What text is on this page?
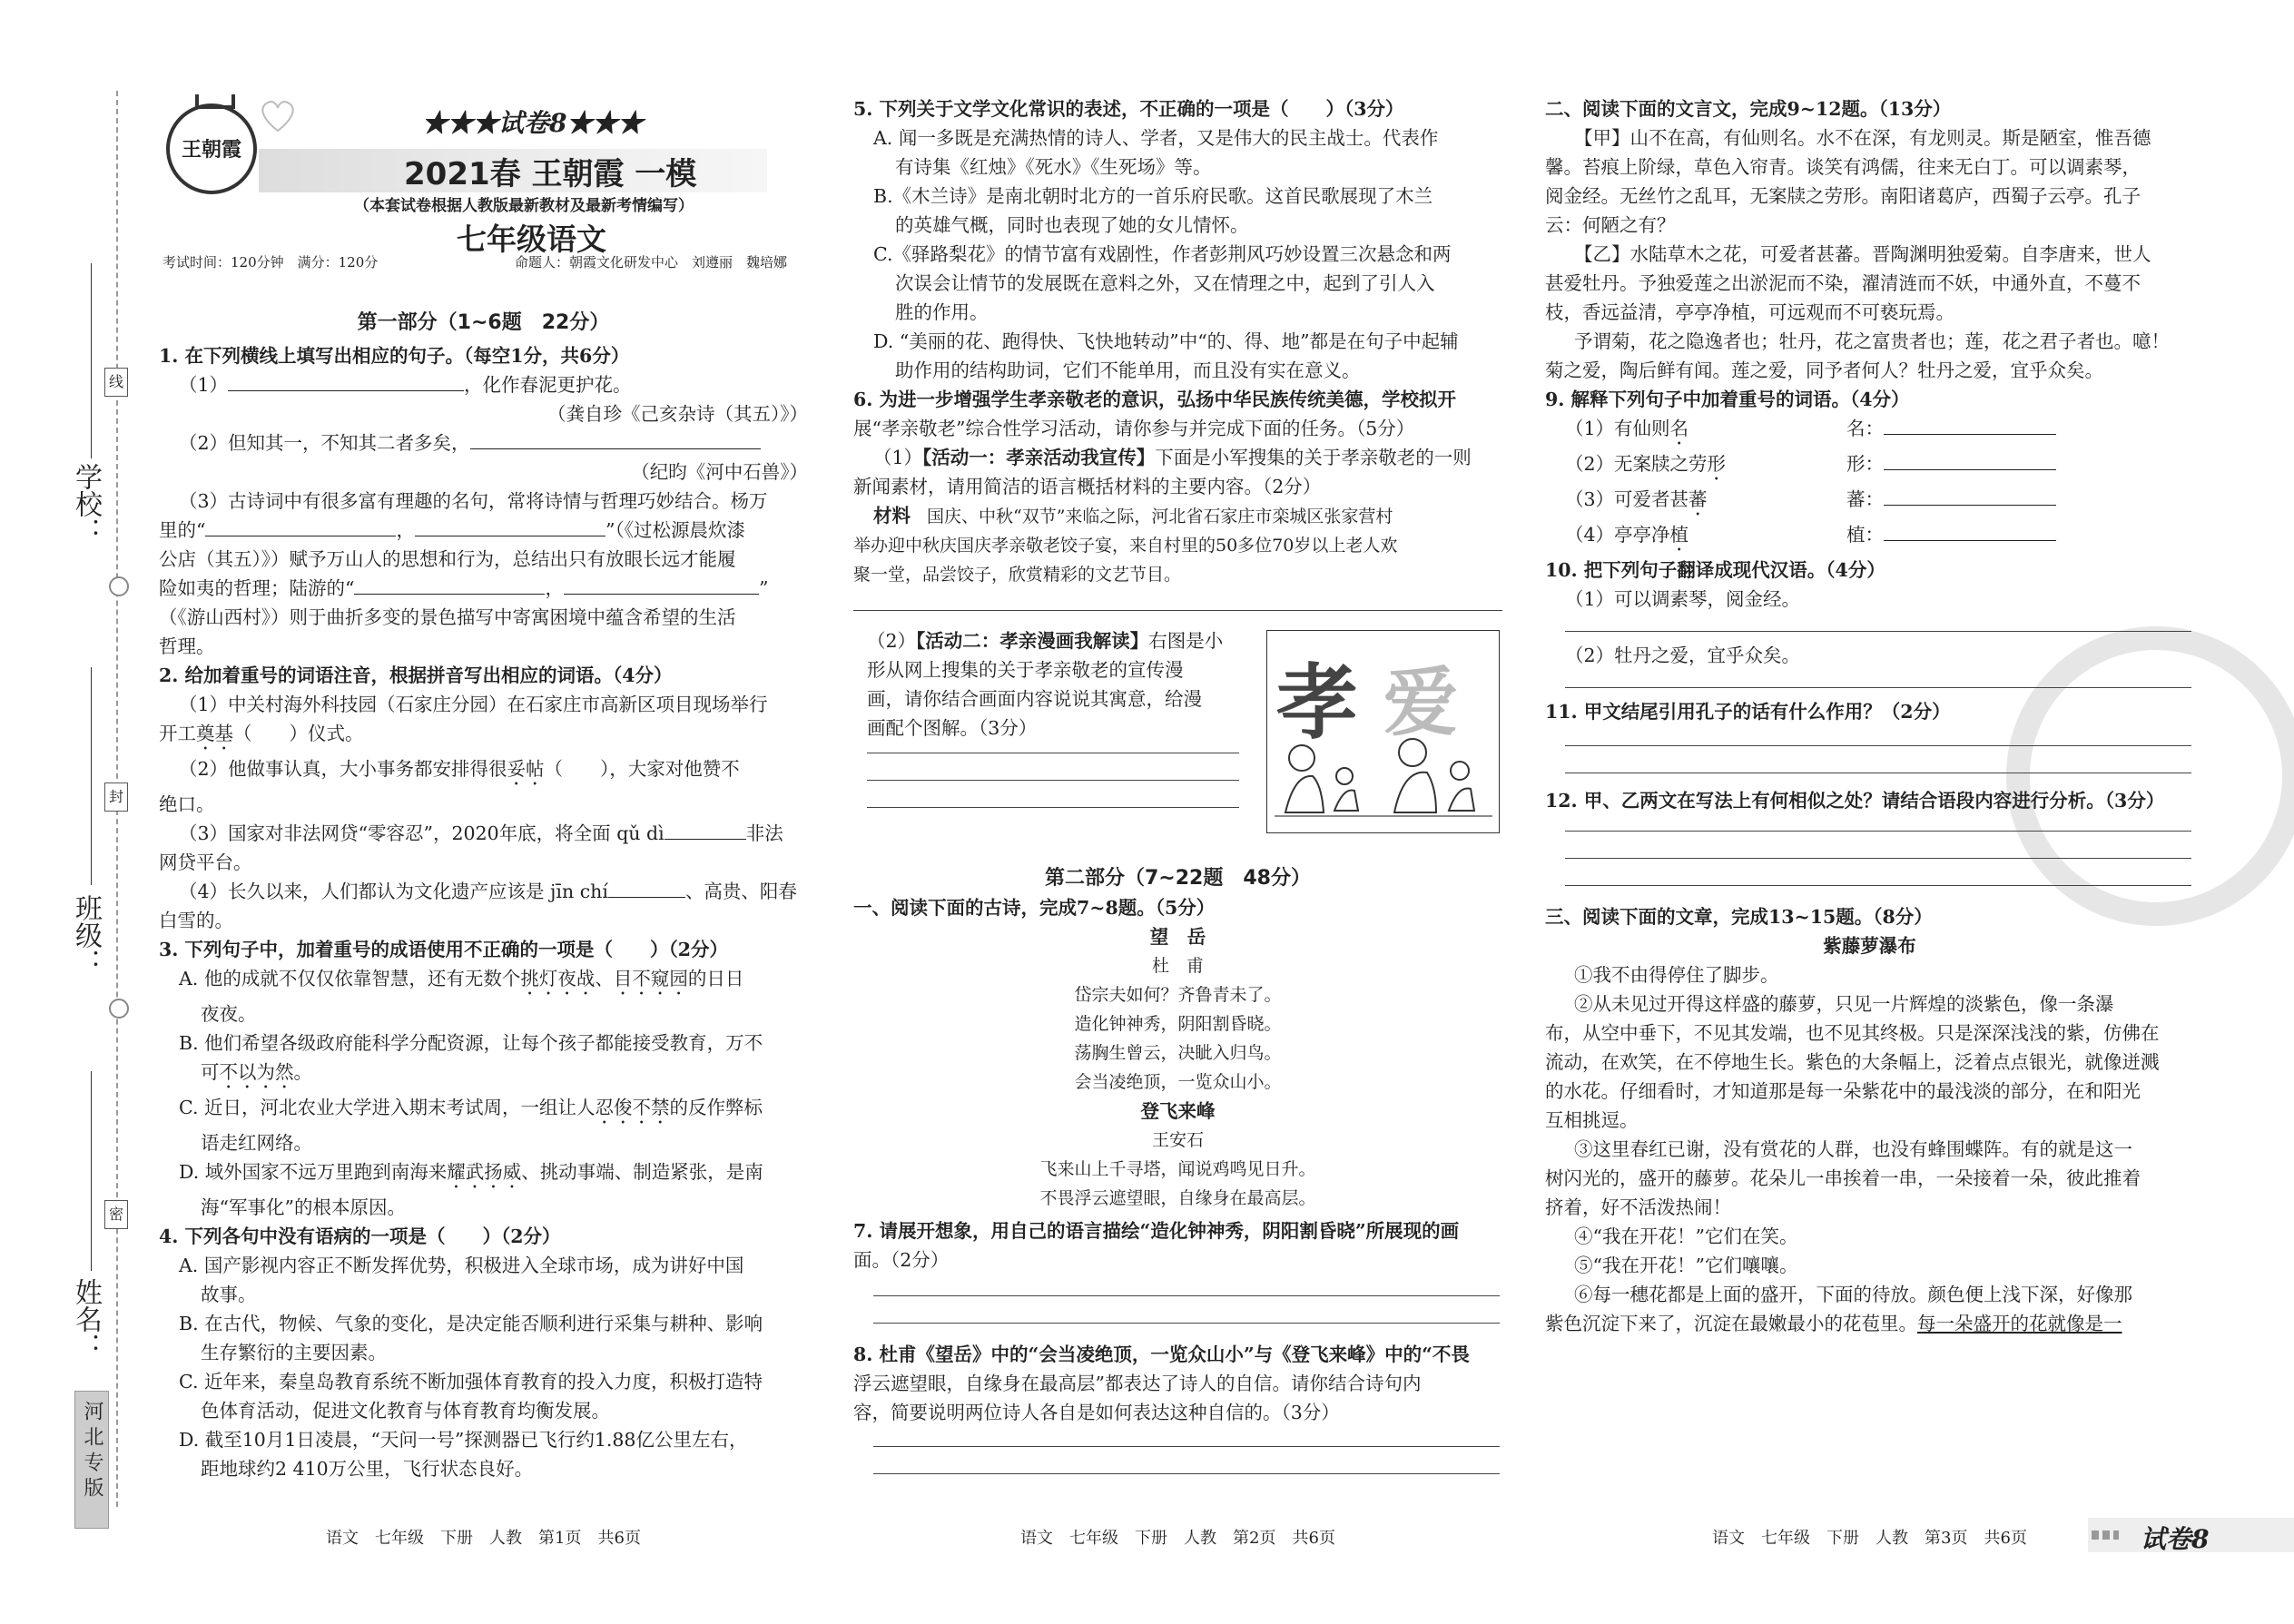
学校：
班级：
姓名：
线
封
密
河北专版
王朝霞
★★★试卷8★★★
2021春 王朝霞 一模
（本套试卷根据人教版最新教材及最新考情编写）
七年级语文
考试时间：120分钟　满分：120分	命题人：朝霞文化研发中心　刘遵丽　魏培娜

第一部分（1~6题　22分）

1. 在下列横线上填写出相应的句子。（每空1分，共6分）

（1）	，化作春泥更护花。

（龚自珍《己亥杂诗（其五）》）

（2）但知其一，不知其二者多矣，

（纪昀《河中石兽》）

（3）古诗词中有很多富有理趣的名句，常将诗情与哲理巧妙结合。杨万

里的“	，	”（《过松源晨炊漆

公店（其五）》）赋予万山人的思想和行为，总结出只有放眼长远才能履

险如夷的哲理；陆游的“	，	”

（《游山西村》）则于曲折多变的景色描写中寄寓困境中蕴含希望的生活

哲理。

2. 给加着重号的词语注音，根据拼音写出相应的词语。（4分）

（1）中关村海外科技园（石家庄分园）在石家庄市高新区项目现场举行

开工奠基（　　）仪式。

（2）他做事认真，大小事务都安排得很妥帖（　　），大家对他赞不

绝口。

（3）国家对非法网贷“零容忍”，2020年底，将全面 qǔ dì	非法

网贷平台。

（4）长久以来，人们都认为文化遗产应该是 jīn chí	、高贵、阳春

白雪的。

3. 下列句子中，加着重号的成语使用不正确的一项是（　　）（2分）

A. 他的成就不仅仅依靠智慧，还有无数个挑灯夜战、目不窥园的日日

夜夜。

B. 他们希望各级政府能科学分配资源，让每个孩子都能接受教育，万不

可不以为然。

C. 近日，河北农业大学进入期末考试周，一组让人忍俊不禁的反作弊标

语走红网络。

D. 域外国家不远万里跑到南海来耀武扬威、挑动事端、制造紧张，是南

海“军事化”的根本原因。

4. 下列各句中没有语病的一项是（　　）（2分）

A. 国产影视内容正不断发挥优势，积极进入全球市场，成为讲好中国

故事。

B. 在古代，物候、气象的变化，是决定能否顺利进行采集与耕种、影响

生存繁衍的主要因素。

C. 近年来，秦皇岛教育系统不断加强体育教育的投入力度，积极打造特

色体育活动，促进文化教育与体育教育均衡发展。

D. 截至10月1日凌晨，“天问一号”探测器已飞行约1.88亿公里左右，

距地球约2 410万公里，飞行状态良好。

语文　七年级　下册　人教　第1页　共6页

5. 下列关于文学文化常识的表述，不正确的一项是（　　）（3分）

A. 闻一多既是充满热情的诗人、学者，又是伟大的民主战士。代表作

有诗集《红烛》《死水》《生死场》等。

B.《木兰诗》是南北朝时北方的一首乐府民歌。这首民歌展现了木兰

的英雄气概，同时也表现了她的女儿情怀。

C.《驿路梨花》的情节富有戏剧性，作者彭荆风巧妙设置三次悬念和两

次误会让情节的发展既在意料之外，又在情理之中，起到了引人入

胜的作用。

D. “美丽的花、跑得快、飞快地转动”中“的、得、地”都是在句子中起辅

助作用的结构助词，它们不能单用，而且没有实在意义。

6. 为进一步增强学生孝亲敬老的意识，弘扬中华民族传统美德，学校拟开

展“孝亲敬老”综合性学习活动，请你参与并完成下面的任务。（5分）

（1）【活动一：孝亲活动我宣传】下面是小军搜集的关于孝亲敬老的一则

新闻素材，请用简洁的语言概括材料的主要内容。（2分）

材料 国庆、中秋“双节”来临之际，河北省石家庄市栾城区张家营村

举办迎中秋庆国庆孝亲敬老饺子宴，来自村里的50多位70岁以上老人欢

聚一堂，品尝饺子，欣赏精彩的文艺节目。

（2）【活动二：孝亲漫画我解读】右图是小

形从网上搜集的关于孝亲敬老的宣传漫

画，请你结合画面内容说说其寓意，给漫

画配个图解。（3分）	孝 爱

第二部分（7~22题　48分）

一、阅读下面的古诗，完成7~8题。（5分）

望　岳

杜　甫

岱宗夫如何？齐鲁青未了。

造化钟神秀，阴阳割昏晓。

荡胸生曾云，决眦入归鸟。

会当凌绝顶，一览众山小。

登飞来峰

王安石

飞来山上千寻塔，闻说鸡鸣见日升。

不畏浮云遮望眼，自缘身在最高层。

7. 请展开想象，用自己的语言描绘“造化钟神秀，阴阳割昏晓”所展现的画

面。（2分）

8. 杜甫《望岳》中的“会当凌绝顶，一览众山小”与《登飞来峰》中的“不畏

浮云遮望眼，自缘身在最高层”都表达了诗人的自信。请你结合诗句内

容，简要说明两位诗人各自是如何表达这种自信的。（3分）

语文　七年级　下册　人教　第2页　共6页

二、阅读下面的文言文，完成9~12题。（13分）

【甲】山不在高，有仙则名。水不在深，有龙则灵。斯是陋室，惟吾德

馨。苔痕上阶绿，草色入帘青。谈笑有鸿儒，往来无白丁。可以调素琴，

阅金经。无丝竹之乱耳，无案牍之劳形。南阳诸葛庐，西蜀子云亭。孔子

云：何陋之有？

【乙】水陆草木之花，可爱者甚蕃。晋陶渊明独爱菊。自李唐来，世人

甚爱牡丹。予独爱莲之出淤泥而不染，濯清涟而不妖，中通外直，不蔓不

枝，香远益清，亭亭净植，可远观而不可亵玩焉。

予谓菊，花之隐逸者也；牡丹，花之富贵者也；莲，花之君子者也。噫！

菊之爱，陶后鲜有闻。莲之爱，同予者何人？牡丹之爱，宜乎众矣。

9. 解释下列句子中加着重号的词语。（4分）

（1）有仙则名	名：

（2）无案牍之劳形	形：

（3）可爱者甚蕃	蕃：

（4）亭亭净植	植：

10. 把下列句子翻译成现代汉语。（4分）

（1）可以调素琴，阅金经。

（2）牡丹之爱，宜乎众矣。

11. 甲文结尾引用孔子的话有什么作用？（2分）

12. 甲、乙两文在写法上有何相似之处？请结合语段内容进行分析。（3分）

三、阅读下面的文章，完成13~15题。（8分）

紫藤萝瀑布

①我不由得停住了脚步。

②从未见过开得这样盛的藤萝，只见一片辉煌的淡紫色，像一条瀑

布，从空中垂下，不见其发端，也不见其终极。只是深深浅浅的紫，仿佛在

流动，在欢笑，在不停地生长。紫色的大条幅上，泛着点点银光，就像迸溅

的水花。仔细看时，才知道那是每一朵紫花中的最浅淡的部分，在和阳光

互相挑逗。

③这里春红已谢，没有赏花的人群，也没有蜂围蝶阵。有的就是这一

树闪光的，盛开的藤萝。花朵儿一串挨着一串，一朵接着一朵，彼此推着

挤着，好不活泼热闹！

④“我在开花！”它们在笑。

⑤“我在开花！”它们嚷嚷。

⑥每一穗花都是上面的盛开，下面的待放。颜色便上浅下深，好像那

紫色沉淀下来了，沉淀在最嫩最小的花苞里。每一朵盛开的花就像是一

语文　七年级　下册　人教　第3页　共6页	试卷8
